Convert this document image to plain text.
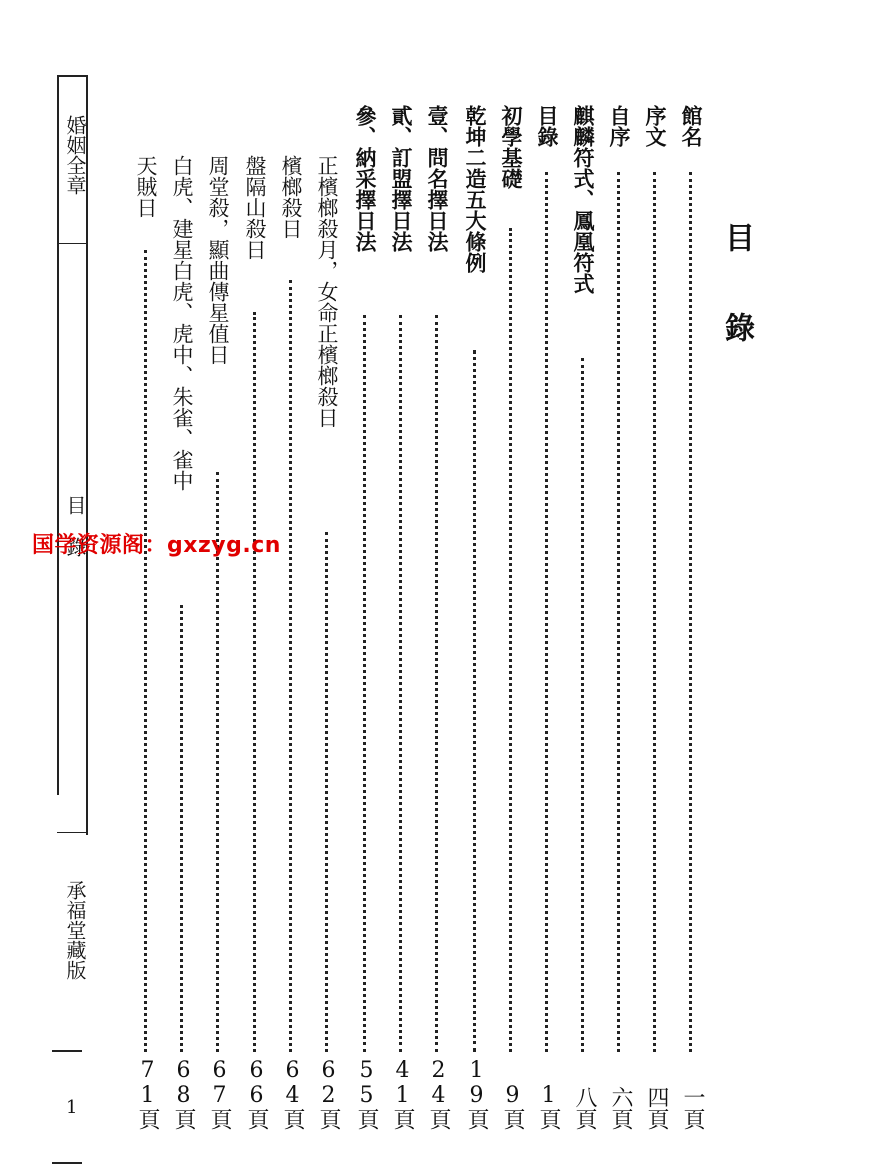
婚姻全章
目錄
承福堂藏版
1
目錄
館名
一頁
序文
四頁
自序
六頁
麒麟符式、鳳凰符式
八頁
目錄
1頁
初學基礎
9頁
乾坤二造五大條例
19頁
壹、問名擇日法
24頁
貳、訂盟擇日法
41頁
參、納采擇日法
55頁
正檳榔殺月，女命正檳榔殺日
62頁
檳榔殺日
64頁
盤隔山殺日
66頁
周堂殺，顯曲傳星值日
67頁
白虎、建星白虎、虎中、朱雀、雀中
68頁
天賊日
71頁
国学资源阁：gxzyg.cn
